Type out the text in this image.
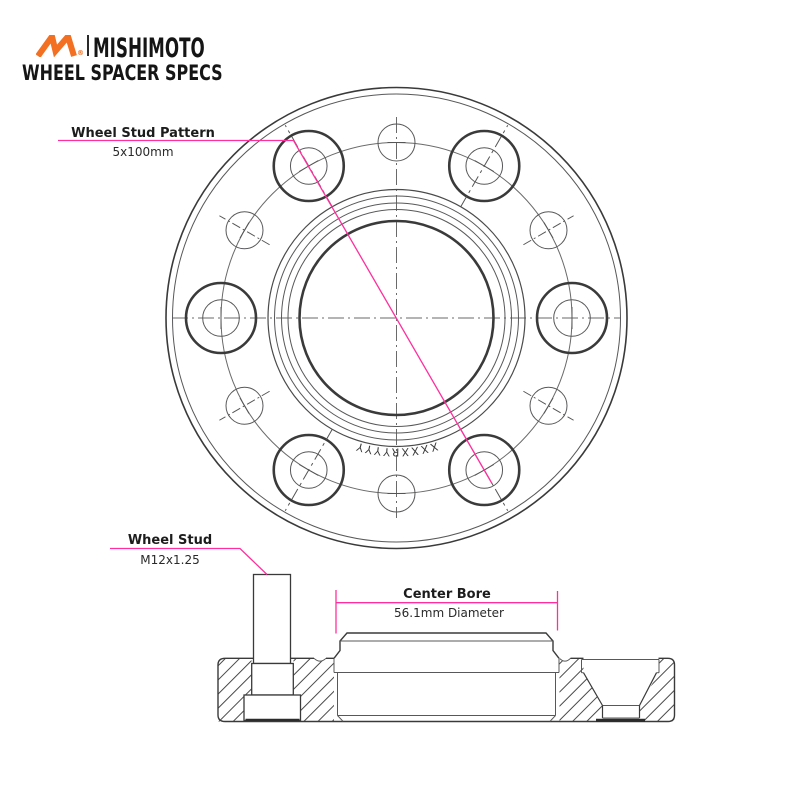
XXXXRYYYY
® MISHIMOTO
WHEEL SPACER SPECS
Wheel Stud Pattern
5x100mm
Wheel Stud
M12x1.25
Center Bore
56.1mm Diameter
